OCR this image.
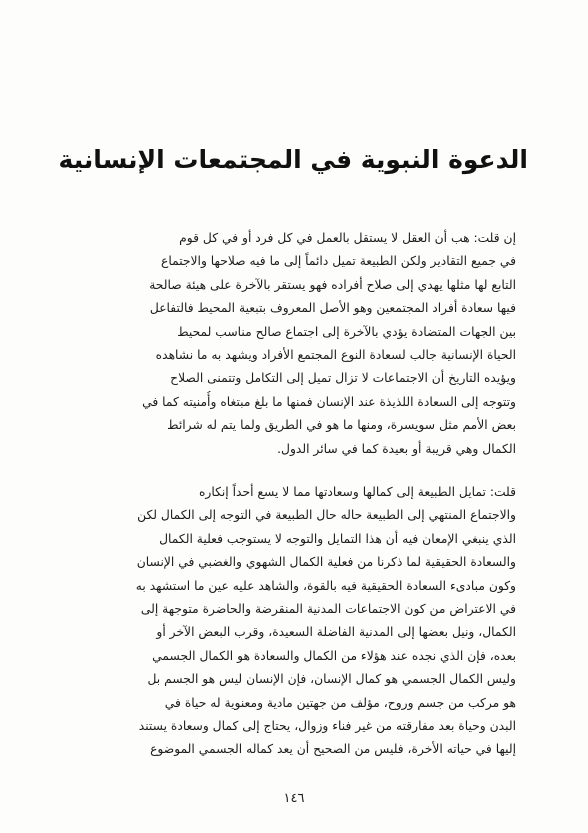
الدعوة النبوية في المجتمعات الإنسانية
إن قلت: هب أن العقل لا يستقل بالعمل في كل فرد أو في كل قوم
في جميع التقادير ولكن الطبيعة تميل دائماً إلى ما فيه صلاحها والاجتماع
التابع لها مثلها يهدي إلى صلاح أفراده فهو يستقر بالآخرة على هيئة صالحة
فيها سعادة أفراد المجتمعين وهو الأصل المعروف بتبعية المحيط فالتفاعل
بين الجهات المتضادة يؤدي بالآخرة إلى اجتماع صالح مناسب لمحيط
الحياة الإنسانية جالب لسعادة النوع المجتمع الأفراد ويشهد به ما نشاهده
ويؤيده التاريخ أن الاجتماعات لا تزال تميل إلى التكامل وتتمنى الصلاح
وتتوجه إلى السعادة اللذيذة عند الإنسان فمنها ما بلغ مبتغاه وأُمنيته كما في
بعض الأمم مثل سويسرة، ومنها ما هو في الطريق ولما يتم له شرائط
الكمال وهي قريبة أو بعيدة كما في سائر الدول.
قلت: تمايل الطبيعة إلى كمالها وسعادتها مما لا يسع أحداً إنكاره
والاجتماع المنتهي إلى الطبيعة حاله حال الطبيعة في التوجه إلى الكمال لكن
الذي ينبغي الإمعان فيه أن هذا التمايل والتوجه لا يستوجب فعلية الكمال
والسعادة الحقيقية لما ذكرنا من فعلية الكمال الشهوي والغضبي في الإنسان
وكون مبادىء السعادة الحقيقية فيه بالقوة، والشاهد عليه عين ما استشهد به
في الاعتراض من كون الاجتماعات المدنية المنقرضة والحاضرة متوجهة إلى
الكمال، ونيل بعضها إلى المدنية الفاضلة السعيدة، وقرب البعض الآخر أو
بعده، فإن الذي نجده عند هؤلاء من الكمال والسعادة هو الكمال الجسمي
وليس الكمال الجسمي هو كمال الإنسان، فإن الإنسان ليس هو الجسم بل
هو مركب من جسم وروح، مؤلف من جهتين مادية ومعنوية له حياة في
البدن وحياة بعد مفارقته من غير فناء وزوال، يحتاج إلى كمال وسعادة يستند
إليها في حياته الأخرة، فليس من الصحيح أن يعد كماله الجسمي الموضوع
١٤٦
